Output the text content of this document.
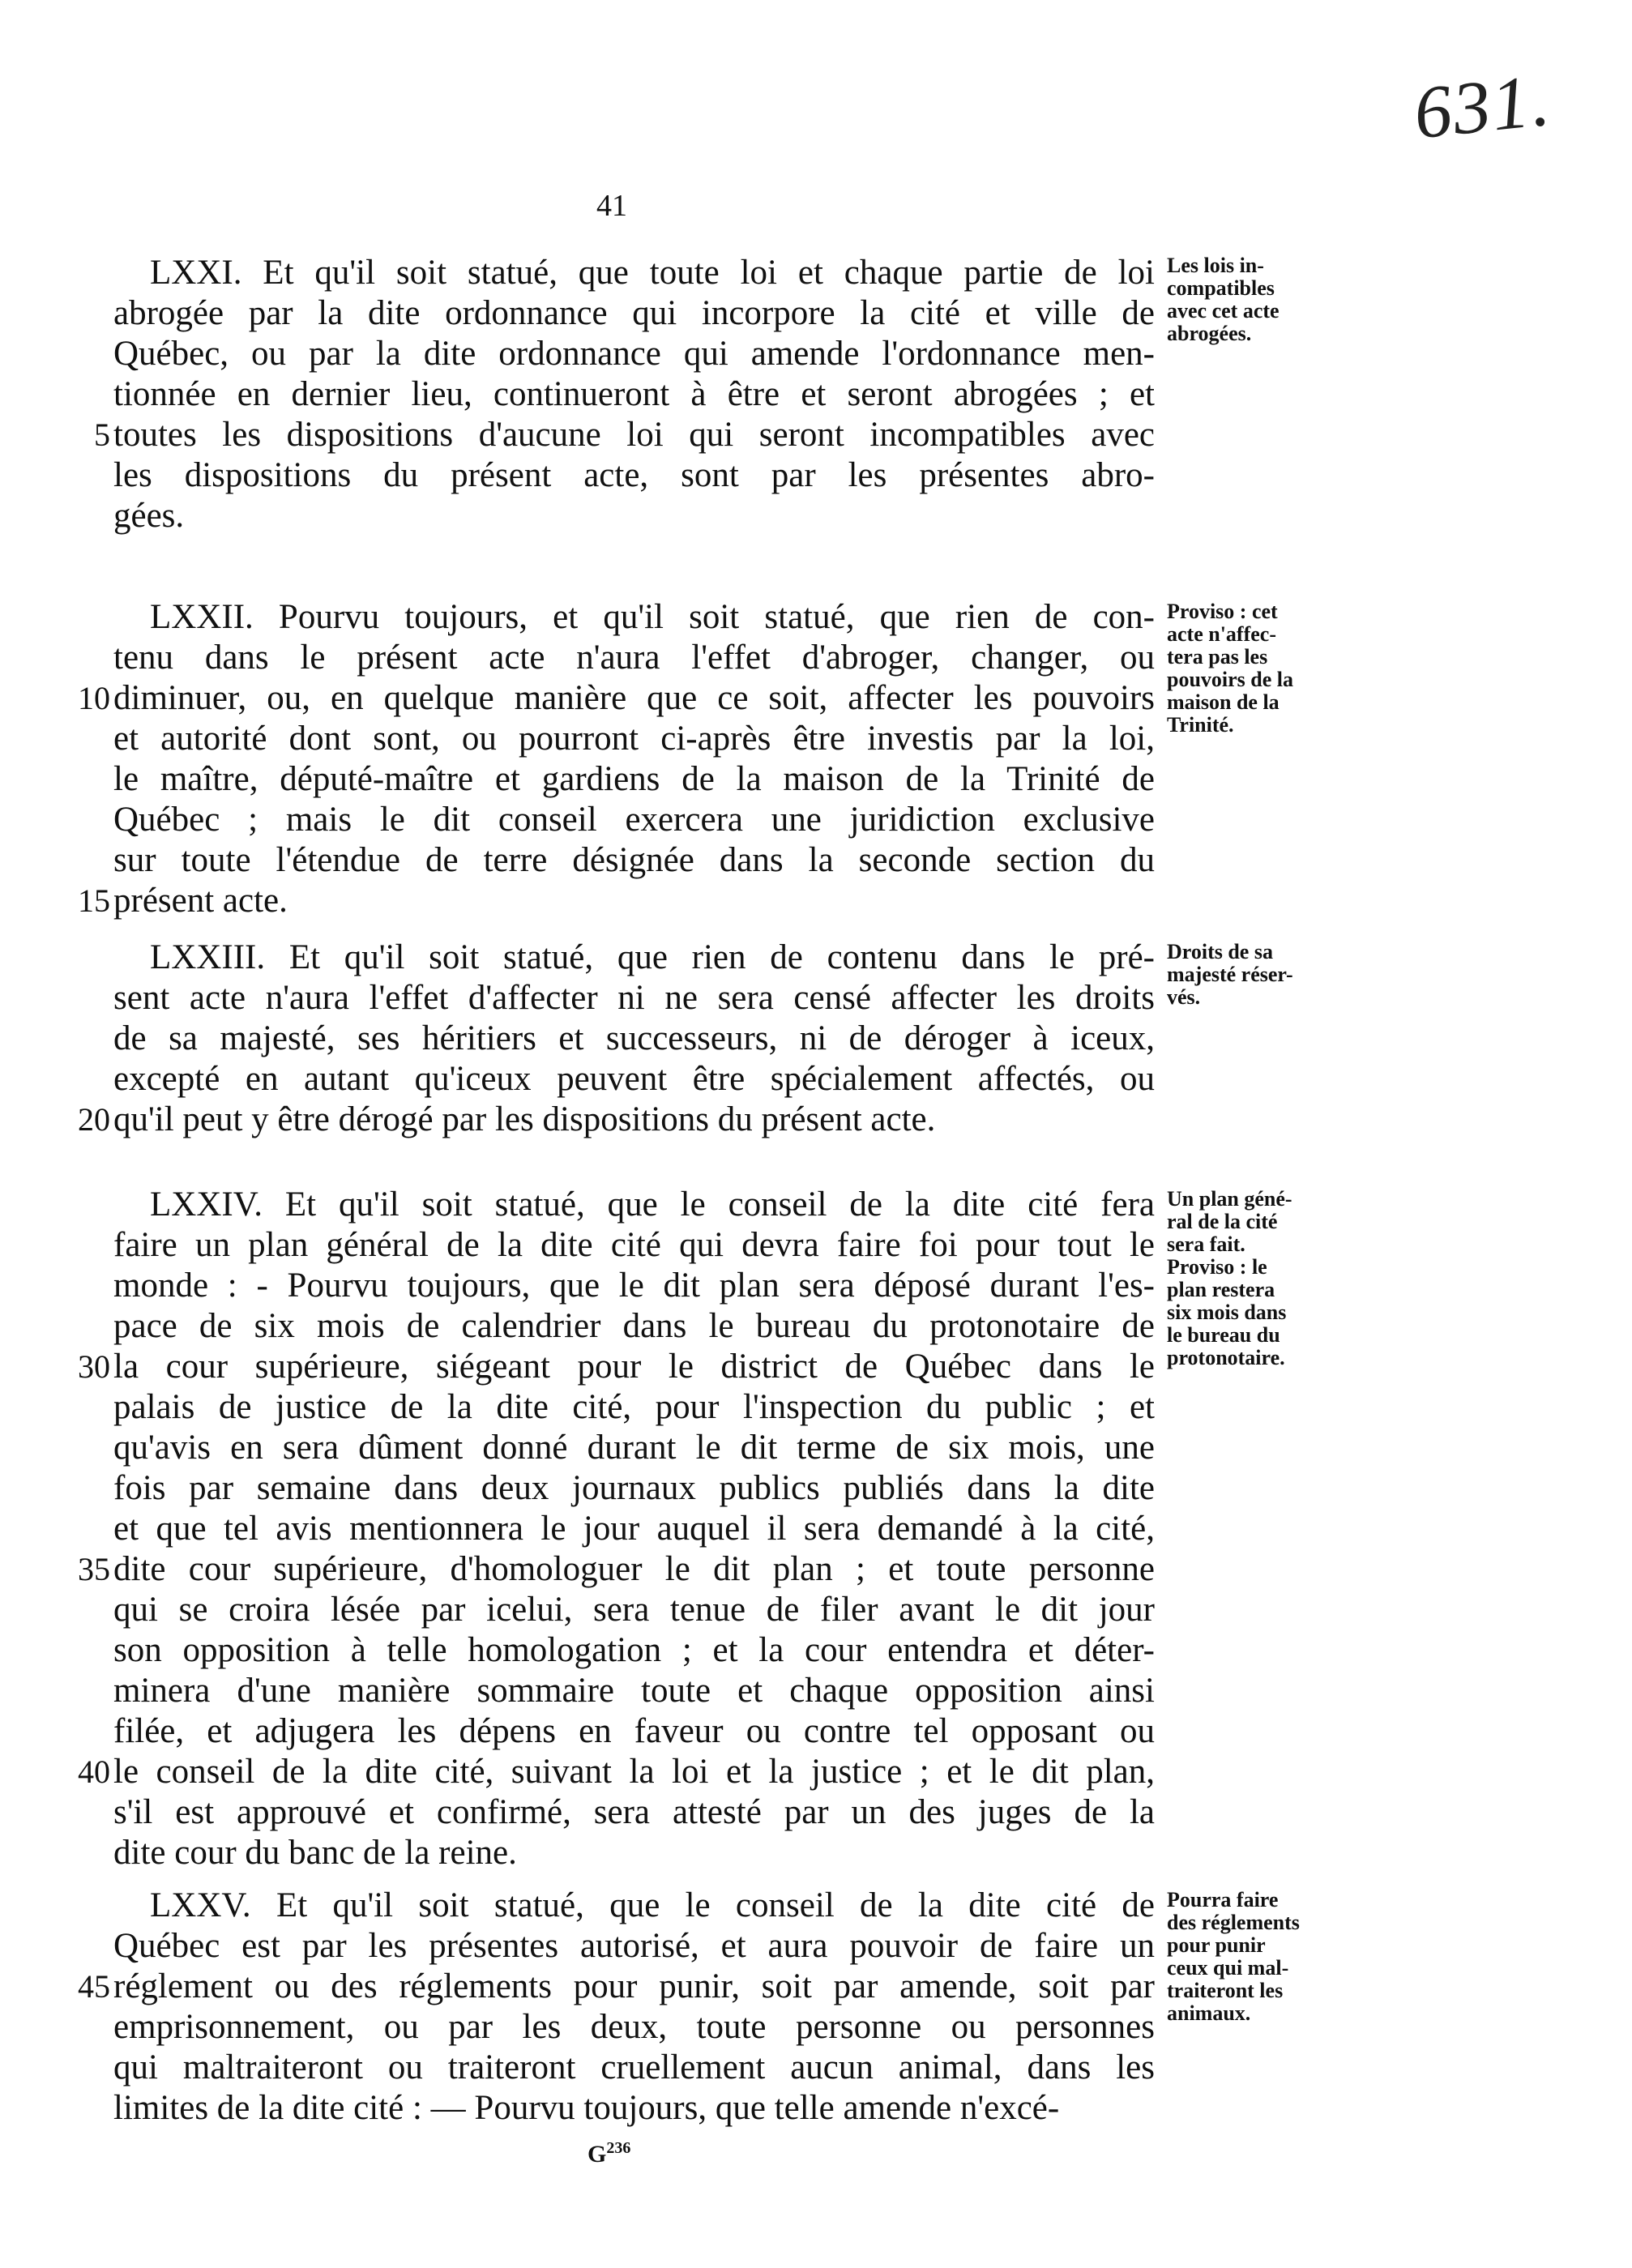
631.
41
LXXI. Et qu'il soit statué, que toute loi et chaque partie de loi
abrogée par la dite ordonnance qui incorpore la cité et ville de
Québec, ou par la dite ordonnance qui amende l'ordonnance men-
tionnée en dernier lieu, continueront à être et seront abrogées ; et
toutes les dispositions d'aucune loi qui seront incompatibles avec
les dispositions du présent acte, sont par les présentes abro-
gées.
5
Les lois in-
compatibles
avec cet acte
abrogées.
LXXII. Pourvu toujours, et qu'il soit statué, que rien de con-
tenu dans le présent acte n'aura l'effet d'abroger, changer, ou
diminuer, ou, en quelque manière que ce soit, affecter les pouvoirs
et autorité dont sont, ou pourront ci-après être investis par la loi,
le maître, député-maître et gardiens de la maison de la Trinité de
Québec ; mais le dit conseil exercera une juridiction exclusive
sur toute l'étendue de terre désignée dans la seconde section du
présent acte.
10
15
Proviso : cet
acte n'affec-
tera pas les
pouvoirs de la
maison de la
Trinité.
LXXIII. Et qu'il soit statué, que rien de contenu dans le pré-
sent acte n'aura l'effet d'affecter ni ne sera censé affecter les droits
de sa majesté, ses héritiers et successeurs, ni de déroger à iceux,
excepté en autant qu'iceux peuvent être spécialement affectés, ou
qu'il peut y être dérogé par les dispositions du présent acte.
20
Droits de sa
majesté réser-
vés.
LXXIV. Et qu'il soit statué, que le conseil de la dite cité fera
faire un plan général de la dite cité qui devra faire foi pour tout le
monde : - Pourvu toujours, que le dit plan sera déposé durant l'es-
pace de six mois de calendrier dans le bureau du protonotaire de
la cour supérieure, siégeant pour le district de Québec dans le
palais de justice de la dite cité, pour l'inspection du public ; et
qu'avis en sera dûment donné durant le dit terme de six mois, une
fois par semaine dans deux journaux publics publiés dans la dite
et que tel avis mentionnera le jour auquel il sera demandé à la cité,
dite cour supérieure, d'homologuer le dit plan ; et toute personne
qui se croira lésée par icelui, sera tenue de filer avant le dit jour
son opposition à telle homologation ; et la cour entendra et déter-
minera d'une manière sommaire toute et chaque opposition ainsi
filée, et adjugera les dépens en faveur ou contre tel opposant ou
le conseil de la dite cité, suivant la loi et la justice ; et le dit plan,
s'il est approuvé et confirmé, sera attesté par un des juges de la
dite cour du banc de la reine.
30
35
40
Un plan géné-
ral de la cité
sera fait.
Proviso : le
plan restera
six mois dans
le bureau du
protonotaire.
LXXV. Et qu'il soit statué, que le conseil de la dite cité de
Québec est par les présentes autorisé, et aura pouvoir de faire un
réglement ou des réglements pour punir, soit par amende, soit par
emprisonnement, ou par les deux, toute personne ou personnes
qui maltraiteront ou traiteront cruellement aucun animal, dans les
limites de la dite cité : — Pourvu toujours, que telle amende n'excé-
45
Pourra faire
des réglements
pour punir
ceux qui mal-
traiteront les
animaux.
$G^{236}$
